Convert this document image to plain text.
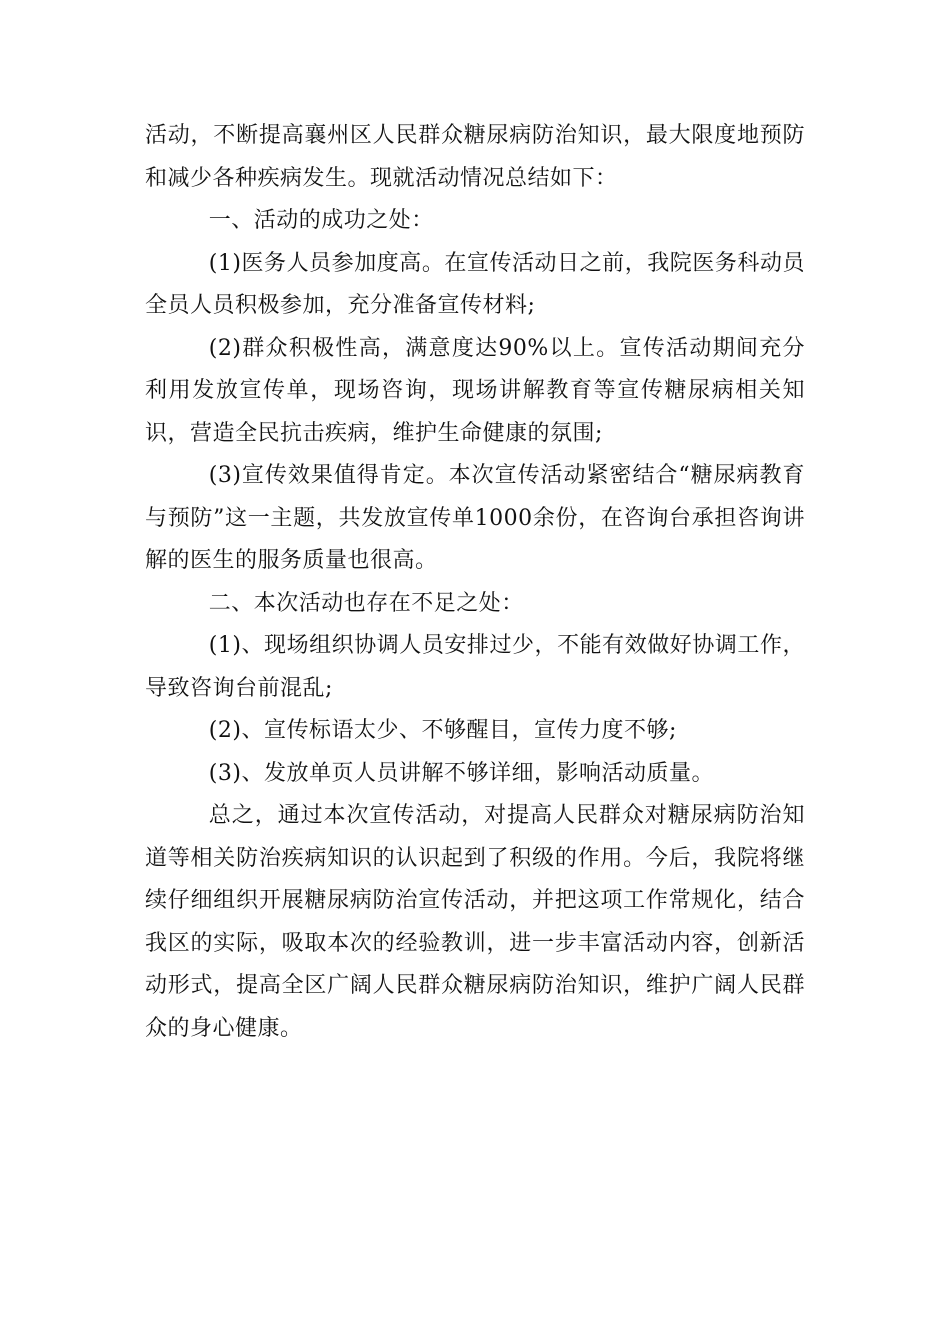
活动，不断提高襄州区人民群众糖尿病防治知识，最大限度地预防和减少各种疾病发生。现就活动情况总结如下：

一、活动的成功之处：

(1)医务人员参加度高。在宣传活动日之前，我院医务科动员全员人员积极参加，充分准备宣传材料;

(2)群众积极性高，满意度达90%以上。宣传活动期间充分利用发放宣传单，现场咨询，现场讲解教育等宣传糖尿病相关知识，营造全民抗击疾病，维护生命健康的氛围;

(3)宣传效果值得肯定。本次宣传活动紧密结合“糖尿病教育与预防”这一主题，共发放宣传单1000余份，在咨询台承担咨询讲解的医生的服务质量也很高。

二、本次活动也存在不足之处：

(1)、现场组织协调人员安排过少，不能有效做好协调工作，导致咨询台前混乱;

(2)、宣传标语太少、不够醒目，宣传力度不够;

(3)、发放单页人员讲解不够详细，影响活动质量。

总之，通过本次宣传活动，对提高人民群众对糖尿病防治知道等相关防治疾病知识的认识起到了积级的作用。今后，我院将继续仔细组织开展糖尿病防治宣传活动，并把这项工作常规化，结合我区的实际，吸取本次的经验教训，进一步丰富活动内容，创新活动形式，提高全区广阔人民群众糖尿病防治知识，维护广阔人民群众的身心健康。
